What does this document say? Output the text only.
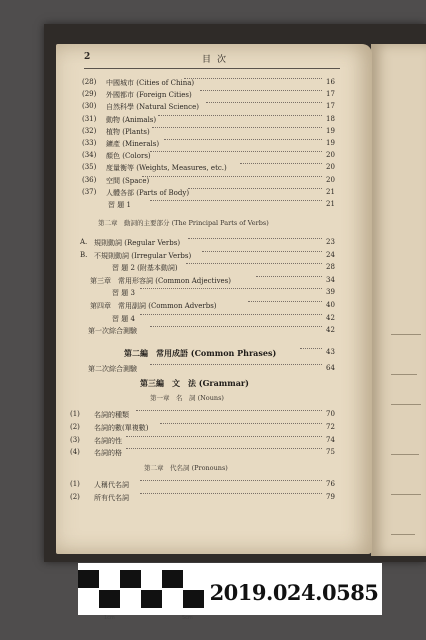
2	目次
(28) 中國城市 (Cities of China)	16
(29) 外國都市 (Foreign Cities)	17
(30) 自然科學 (Natural Science)	17
(31) 動物 (Animals)	18
(32) 植物 (Plants)	19
(33) 鑛產 (Minerals)	19
(34) 顏色 (Colors)	20
(35) 度量衡等 (Weights, Measures, etc.)	20
(36) 空間 (Space)	20
(37) 人體各部 (Parts of Body)	21
習 題 1	21
第二章　動詞的主要部分 (The Principal Parts of Verbs)
A. 規則動詞 (Regular Verbs)	23
B. 不規則動詞 (Irregular Verbs)	24
習 題 2 (附基本動詞)	28
第三章　常用形容詞 (Common Adjectives)	34
習 題 3	39
第四章　常用副詞 (Common Adverbs)	40
習 題 4	42
第一次綜合測驗	42
第二編　常用成語 (Common Phrases)	43
第二次綜合測驗	64
第三編　文　法 (Grammar)
第一章　名　詞 (Nouns)
(1) 名詞的種類	70
(2) 名詞的數(單複數)	72
(3) 名詞的性	74
(4) 名詞的格	75
第二章　代名詞 (Pronouns)
(1) 人稱代名詞	76
(2) 所有代名詞	79
1cm	5cm
2019.024.0585
